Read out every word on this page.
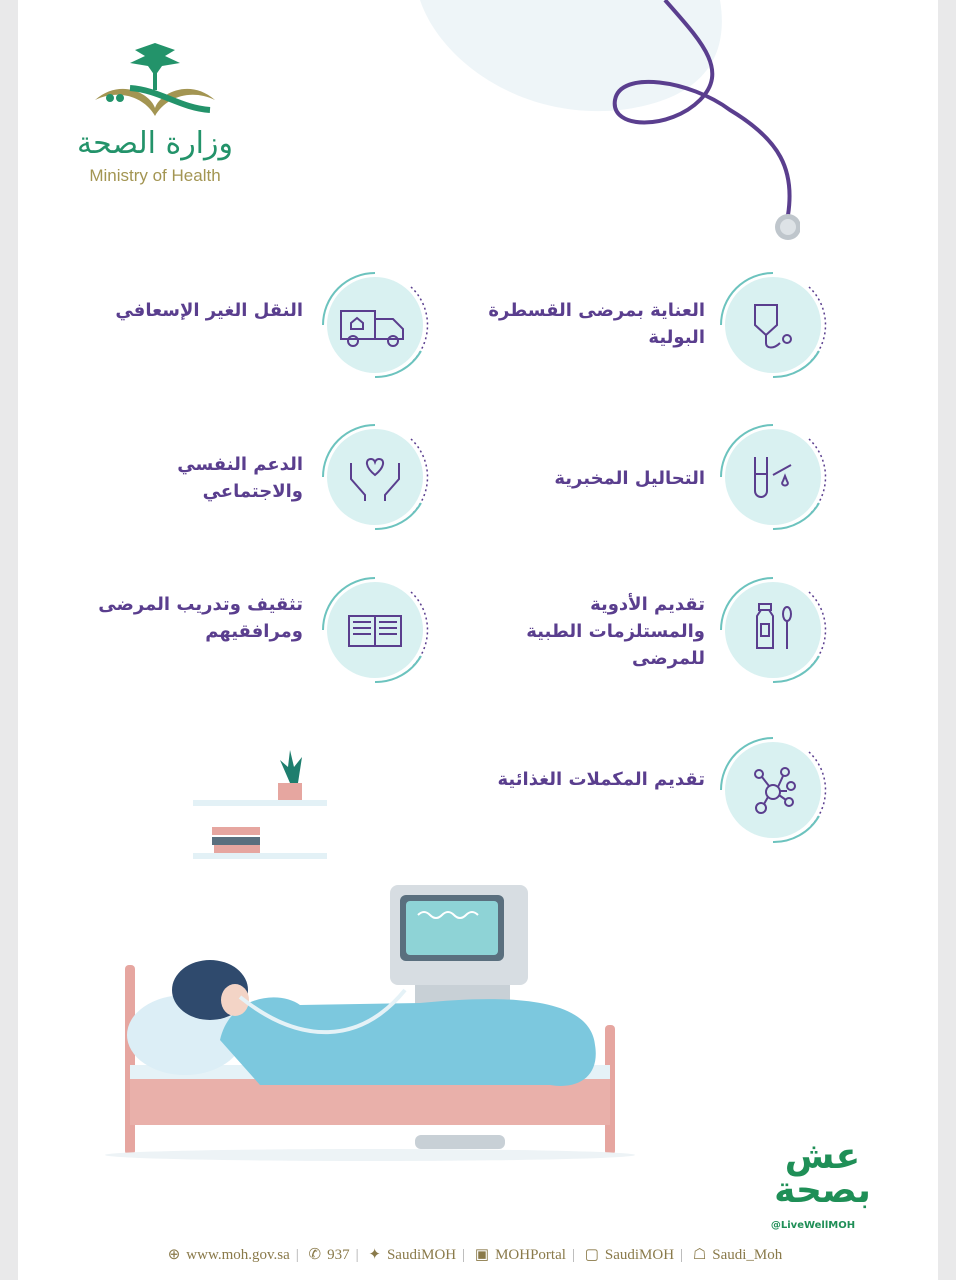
وزارة الصحة
Ministry of Health
العناية بمرضى القسطرة البولية
التحاليل المخبرية
تقديم الأدوية والمستلزمات الطبية للمرضى
تقديم المكملات الغذائية
النقل الغير الإسعافي
الدعم النفسي والاجتماعي
تثقيف وتدريب المرضى ومرافقيهم
عش
بصحة
@LiveWellMOH
⊕ www.moh.gov.sa | ✆ 937 | ✦ SaudiMOH | ▣ MOHPortal | ▢ SaudiMOH | ☖ Saudi_Moh
